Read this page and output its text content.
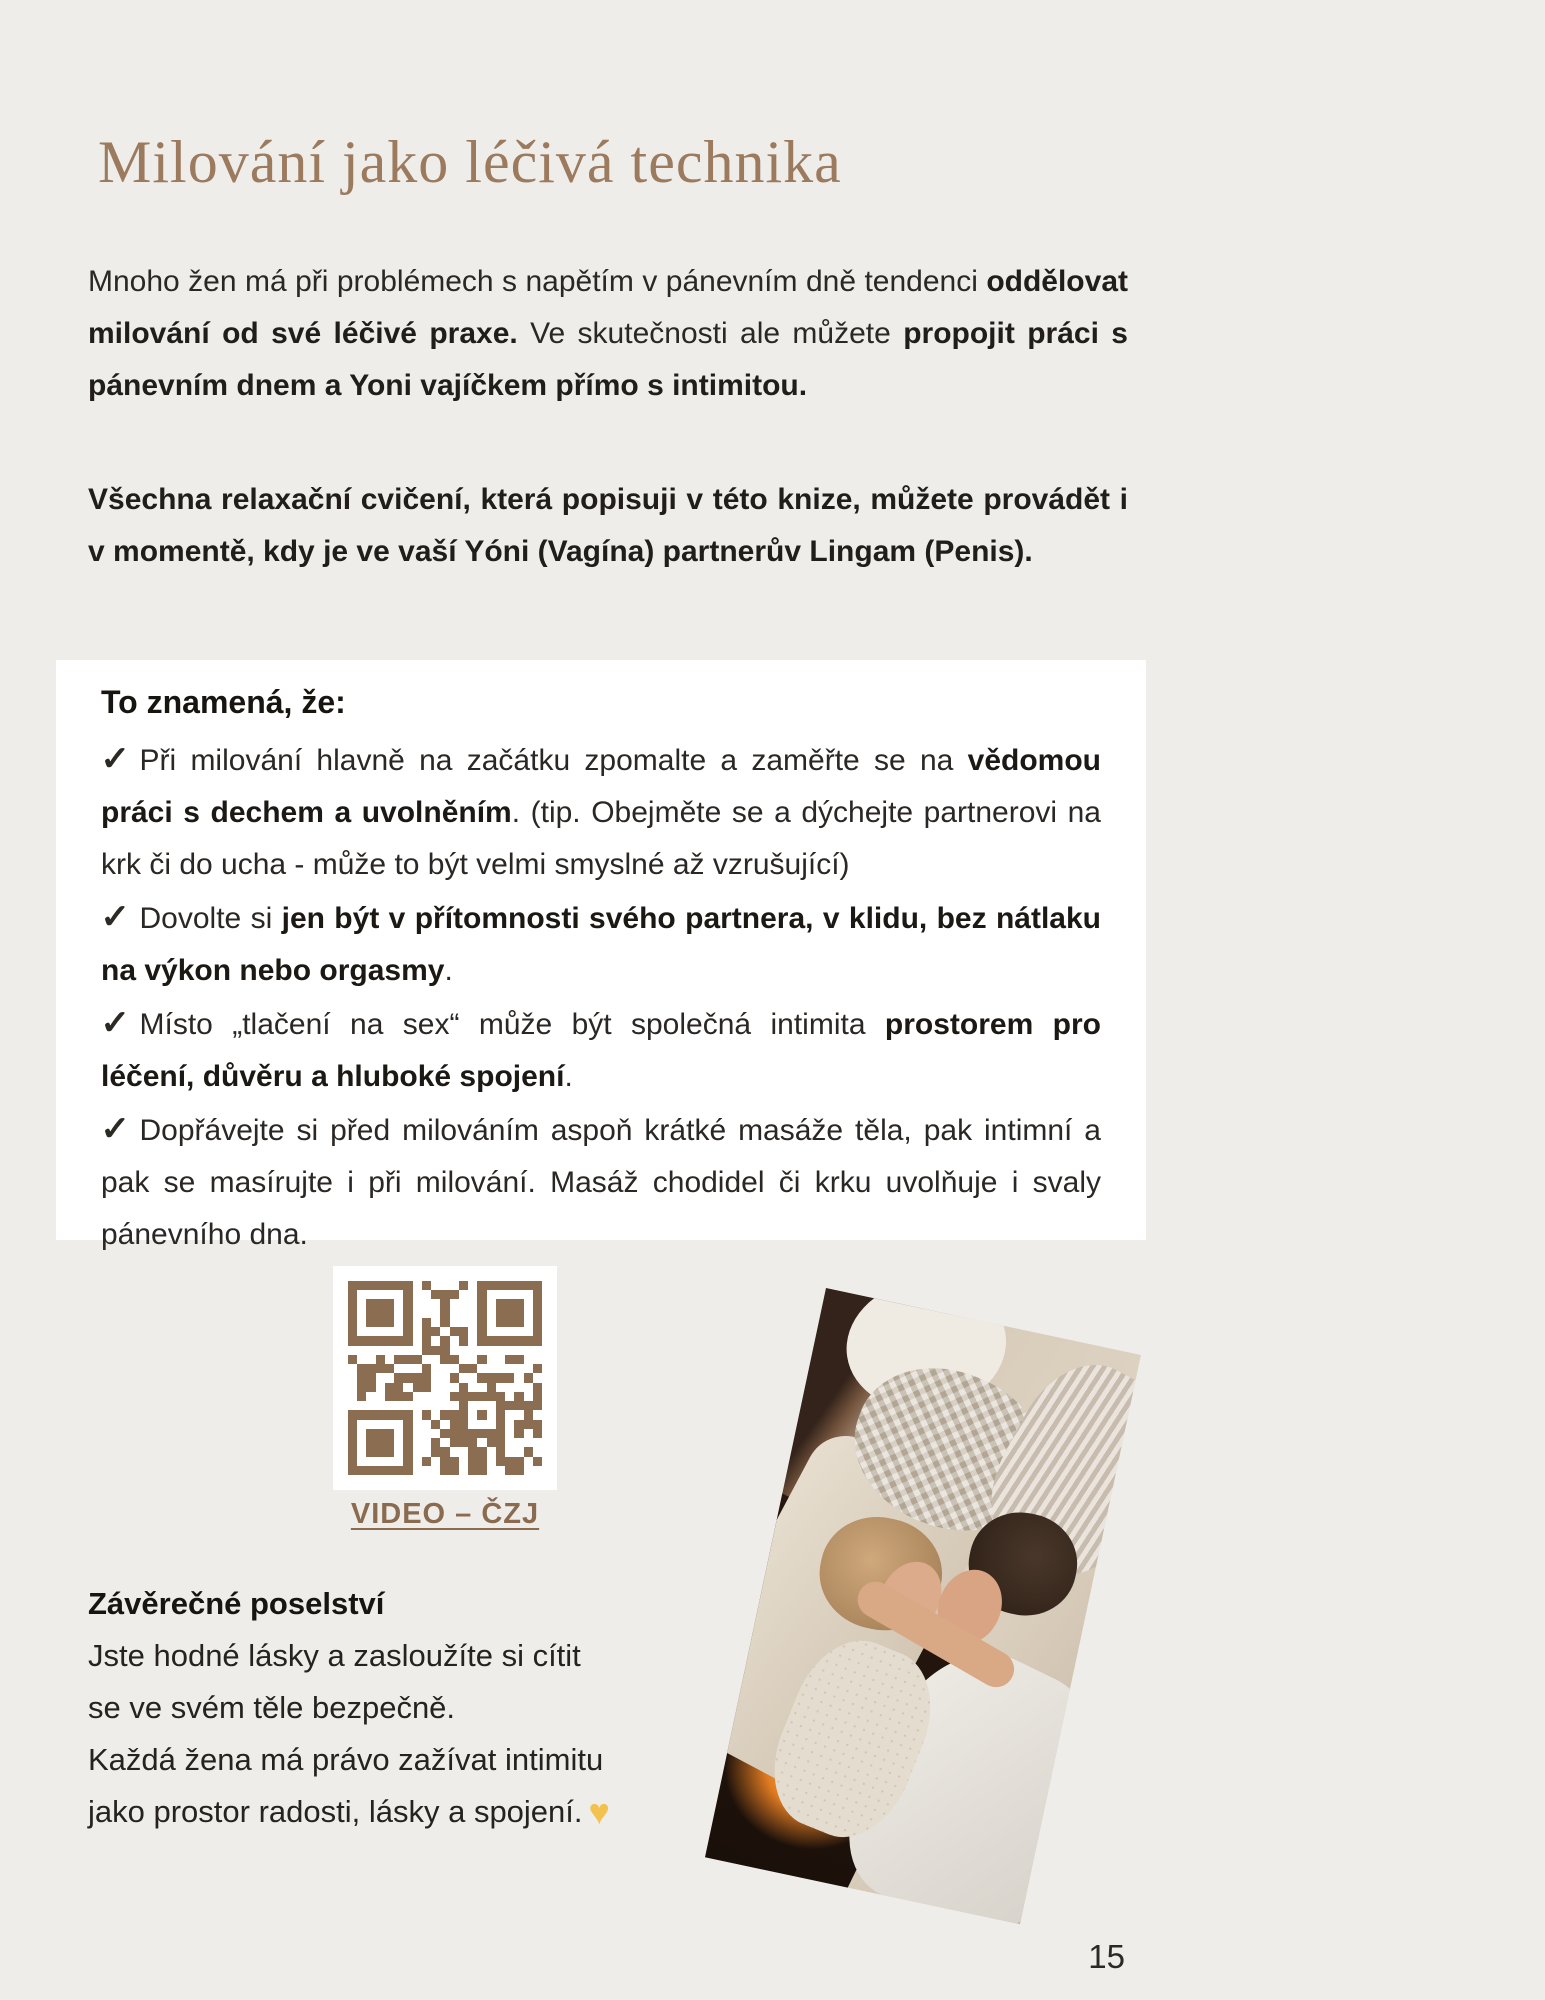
Milování jako léčivá technika

Mnoho žen má při problémech s napětím v pánevním dně tendenci oddělovat milování od své léčivé praxe. Ve skutečnosti ale můžete propojit práci s pánevním dnem a Yoni vajíčkem přímo s intimitou.

Všechna relaxační cvičení, která popisuji v této knize, můžete provádět i v momentě, kdy je ve vaší Yóni (Vagína) partnerův Lingam (Penis).

To znamená, že:

✓ Při milování hlavně na začátku zpomalte a zaměřte se na vědomou práci s dechem a uvolněním. (tip. Obejměte se a dýchejte partnerovi na krk či do ucha - může to být velmi smyslné až vzrušující)

✓ Dovolte si jen být v přítomnosti svého partnera, v klidu, bez nátlaku na výkon nebo orgasmy.

✓ Místo „tlačení na sex“ může být společná intimita prostorem pro léčení, důvěru a hluboké spojení.

✓ Dopřávejte si před milováním aspoň krátké masáže těla, pak intimní a pak se masírujte i při milování. Masáž chodidel či krku uvolňuje i svaly pánevního dna.

VIDEO – ČZJ
Závěrečné poselství
Jste hodné lásky a zasloužíte si cítit
se ve svém těle bezpečně.
Každá žena má právo zažívat intimitu
jako prostor radosti, lásky a spojení. ♥
15
